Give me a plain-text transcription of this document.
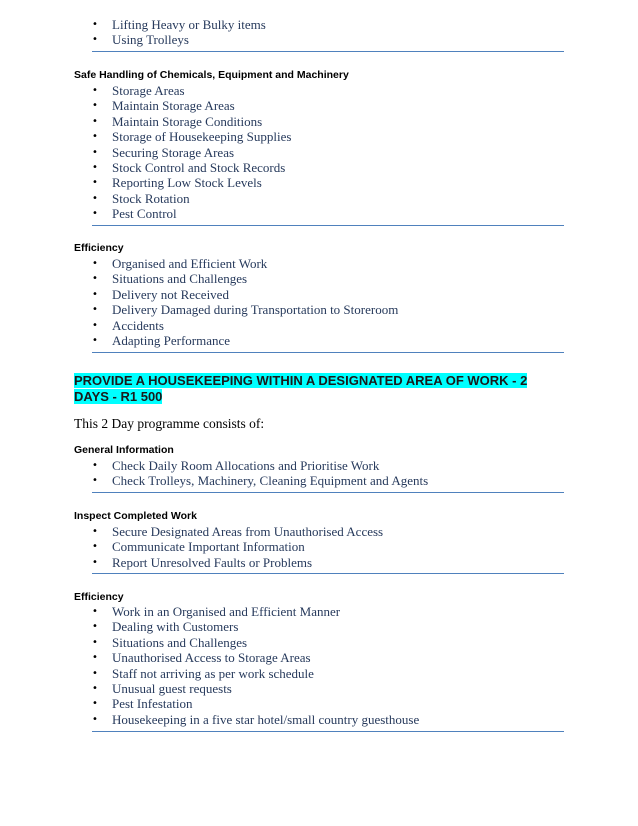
•	Lifting Heavy or Bulky items
•	Using Trolleys
Safe Handling of Chemicals, Equipment and Machinery
•	Storage Areas
•	Maintain Storage Areas
•	Maintain Storage Conditions
•	Storage of Housekeeping Supplies
•	Securing Storage Areas
•	Stock Control and Stock Records
•	Reporting Low Stock Levels
•	Stock Rotation
•	Pest Control
Efficiency
•	Organised and Efficient Work
•	Situations and Challenges
•	Delivery not Received
•	Delivery Damaged during Transportation to Storeroom
•	Accidents
•	Adapting Performance
PROVIDE A HOUSEKEEPING WITHIN A DESIGNATED AREA OF WORK - 2 DAYS - R1 500
This 2 Day programme consists of:
General Information
•	Check Daily Room Allocations and Prioritise Work
•	Check Trolleys, Machinery, Cleaning Equipment and Agents
Inspect Completed Work
•	Secure Designated Areas from Unauthorised Access
•	Communicate Important Information
•	Report Unresolved Faults or Problems
Efficiency
•	Work in an Organised and Efficient Manner
•	Dealing with Customers
•	Situations and Challenges
•	Unauthorised Access to Storage Areas
•	Staff not arriving as per work schedule
•	Unusual guest requests
•	Pest Infestation
•	Housekeeping in a five star hotel/small country guesthouse
